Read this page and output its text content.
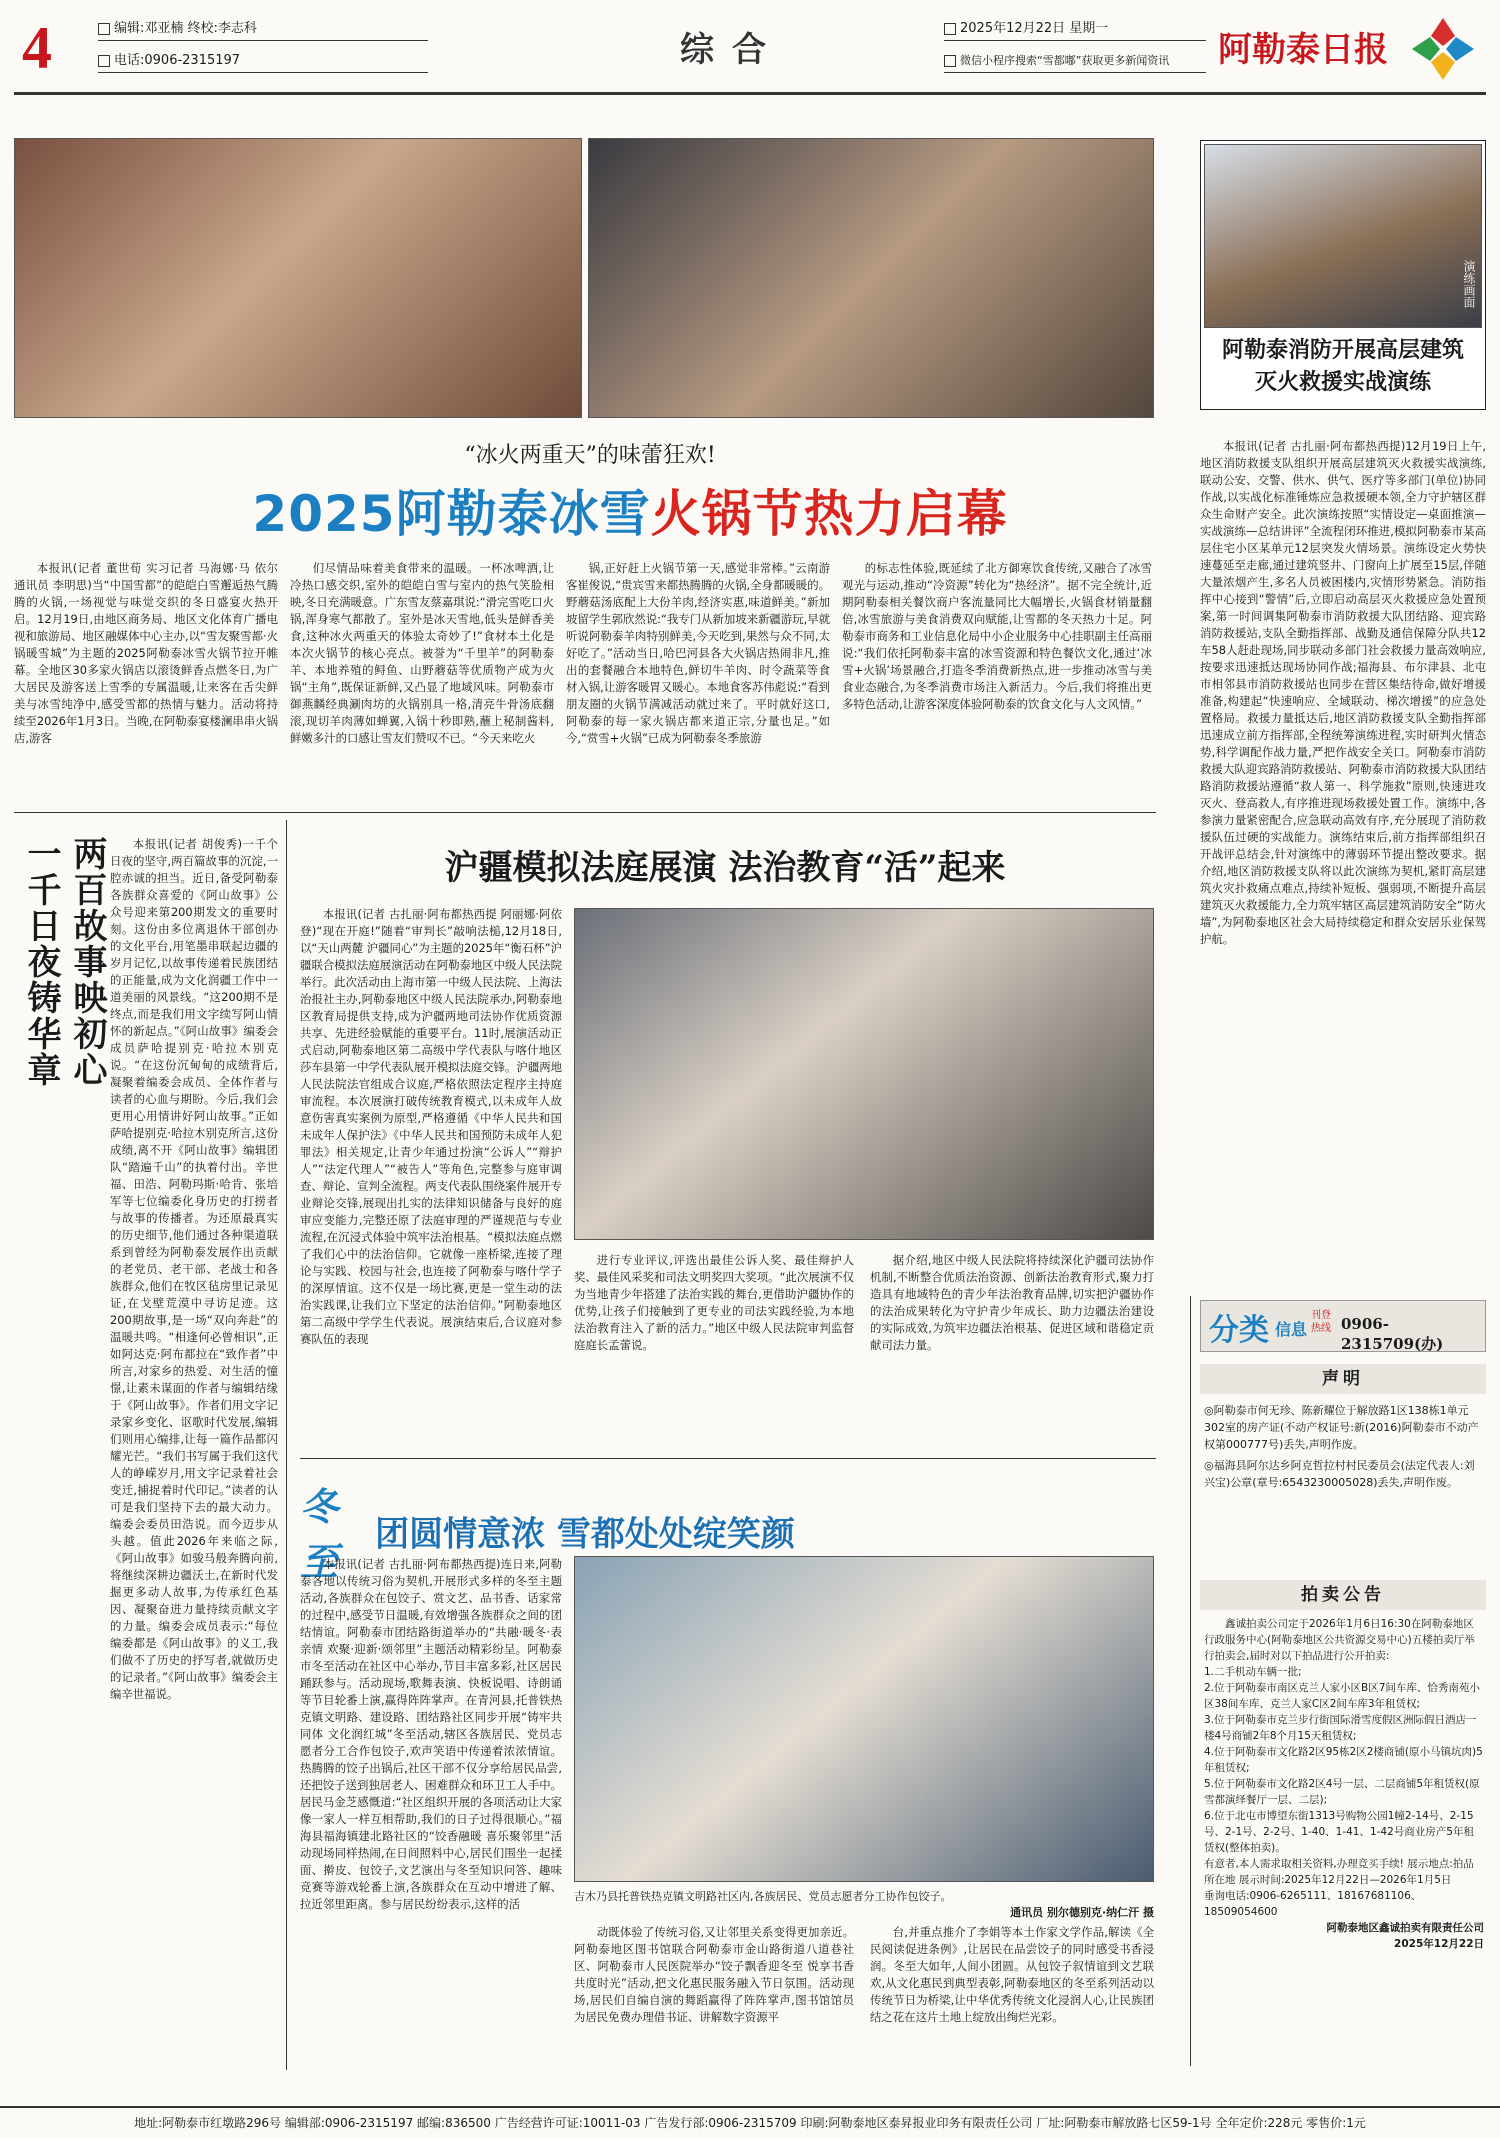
4	编辑:邓亚楠 终校:李志科
电话:0906-2315197	综合
2025年12月22日 星期一
微信小程序搜索“雪都嘟”获取更多新闻资讯	阿勒泰日报
“冰火两重天”的味蕾狂欢!
2025阿勒泰冰雪火锅节热力启幕

本报讯(记者 董世荀 实习记者 马海娜·马 依尔 通讯员 李明思)当“中国雪都”的皑皑白雪邂逅热气腾腾的火锅,一场视觉与味觉交织的冬日盛宴火热开启。12月19日,由地区商务局、地区文化体育广播电视和旅游局、地区融媒体中心主办,以“雪友聚雪都·火锅暖雪城”为主题的2025阿勒泰冰雪火锅节拉开帷幕。全地区30多家火锅店以滚烫鲜香点燃冬日,为广大居民及游客送上雪季的专属温暖,让来客在舌尖鲜美与冰雪纯净中,感受雪都的热情与魅力。活动将持续至2026年1月3日。当晚,在阿勒泰宴楼澜串串火锅店,游客

们尽情品味着美食带来的温暖。一杯冰啤酒,让冷热口感交织,室外的皑皑白雪与室内的热气笑脸相映,冬日充满暖意。广东雪友蔡嘉琪说:“滑完雪吃口火锅,浑身寒气都散了。室外是冰天雪地,低头是鲜香美食,这种冰火两重天的体验太奇妙了!”食材本土化是本次火锅节的核心亮点。被誉为“千里羊”的阿勒泰羊、本地养殖的鲟鱼、山野蘑菇等优质物产成为火锅“主角”,既保证新鲜,又凸显了地域风味。阿勒泰市御燕麟经典涮肉坊的火锅别具一格,清亮牛骨汤底翻滚,现切羊肉薄如蝉翼,入锅十秒即熟,蘸上秘制酱料,鲜嫩多汁的口感让雪友们赞叹不已。“今天来吃火

锅,正好赶上火锅节第一天,感觉非常棒。”云南游客崔俊说,“贵宾雪来都热腾腾的火锅,全身都暖暖的。野蘑菇汤底配上大份羊肉,经济实惠,味道鲜美。”新加坡留学生郭欣然说:“我专门从新加坡来新疆游玩,早就听说阿勒泰羊肉特别鲜美,今天吃到,果然与众不同,太好吃了。”活动当日,哈巴河县各大火锅店热闹非凡,推出的套餐融合本地特色,鲜切牛羊肉、时令蔬菜等食材入锅,让游客暖胃又暖心。本地食客苏伟彪说:“看到朋友圈的火锅节满减活动就过来了。平时就好这口,阿勒泰的每一家火锅店都来道正宗,分量也足。”如今,“赏雪+火锅”已成为阿勒泰冬季旅游

的标志性体验,既延续了北方御寒饮食传统,又融合了冰雪观光与运动,推动“冷资源”转化为“热经济”。据不完全统计,近期阿勒泰相关餐饮商户客流量同比大幅增长,火锅食材销量翻倍,冰雪旅游与美食消费双向赋能,让雪都的冬天热力十足。阿勒泰市商务和工业信息化局中小企业服务中心挂职副主任高丽说:“我们依托阿勒泰丰富的冰雪资源和特色餐饮文化,通过‘冰雪+火锅’场景融合,打造冬季消费新热点,进一步推动冰雪与美食业态融合,为冬季消费市场注入新活力。今后,我们将推出更多特色活动,让游客深度体验阿勒泰的饮食文化与人文风情。”

演练画面
阿勒泰消防开展高层建筑
灭火救援实战演练

本报讯(记者 古扎丽·阿布都热西提)12月19日上午,地区消防救援支队组织开展高层建筑灭火救援实战演练,联动公安、交警、供水、供气、医疗等多部门(单位)协同作战,以实战化标准锤炼应急救援硬本领,全力守护辖区群众生命财产安全。此次演练按照“实情设定—桌面推演—实战演练—总结讲评”全流程闭环推进,模拟阿勒泰市某高层住宅小区某单元12层突发火情场景。演练设定火势快速蔓延至走廊,通过建筑竖井、门窗向上扩展至15层,伴随大量浓烟产生,多名人员被困楼内,灾情形势紧急。消防指挥中心接到“警情”后,立即启动高层灭火救援应急处置预案,第一时间调集阿勒泰市消防救援大队团结路、迎宾路消防救援站,支队全勤指挥部、战勤及通信保障分队共12车58人赶赴现场,同步联动多部门社会救援力量高效响应,按要求迅速抵达现场协同作战;福海县、布尔津县、北屯市相邻县市消防救援站也同步在营区集结待命,做好增援准备,构建起“快速响应、全域联动、梯次增援”的应急处置格局。救援力量抵达后,地区消防救援支队全勤指挥部迅速成立前方指挥部,全程统筹演练进程,实时研判火情态势,科学调配作战力量,严把作战安全关口。阿勒泰市消防救援大队迎宾路消防救援站、阿勒泰市消防救援大队团结路消防救援站遵循“救人第一、科学施救”原则,快速进攻灭火、登高救人,有序推进现场救援处置工作。演练中,各参演力量紧密配合,应急联动高效有序,充分展现了消防救援队伍过硬的实战能力。演练结束后,前方指挥部组织召开战评总结会,针对演练中的薄弱环节提出整改要求。据介绍,地区消防救援支队将以此次演练为契机,紧盯高层建筑火灾扑救痛点难点,持续补短板、强弱项,不断提升高层建筑灭火救援能力,全力筑牢辖区高层建筑消防安全“防火墙”,为阿勒泰地区社会大局持续稳定和群众安居乐业保驾护航。

一千日夜铸华章 两百故事映初心	本报讯(记者 胡俊秀)一千个日夜的坚守,两百篇故事的沉淀,一腔赤诚的担当。近日,备受阿勒泰各族群众喜爱的《阿山故事》公众号迎来第200期发文的重要时刻。这份由多位离退休干部创办的文化平台,用笔墨串联起边疆的岁月记忆,以故事传递着民族团结的正能量,成为文化润疆工作中一道美丽的风景线。“这200期不是终点,而是我们用文字续写阿山情怀的新起点。”《阿山故事》编委会成员萨哈提别克·哈拉木别克说。“在这份沉甸甸的成绩背后,凝聚着编委会成员、全体作者与读者的心血与期盼。今后,我们会更用心用情讲好阿山故事。”正如萨哈提别克·哈拉木别克所言,这份成绩,离不开《阿山故事》编辑团队“踏遍千山”的执着付出。辛世福、田浩、阿勒玛斯·哈肯、张培军等七位编委化身历史的打捞者与故事的传播者。为还原最真实的历史细节,他们通过各种渠道联系到曾经为阿勒泰发展作出贡献的老党员、老干部、老战士和各族群众,他们在牧区毡房里记录见证,在戈壁荒漠中寻访足迹。这200期故事,是一场“双向奔赴”的温暖共鸣。“相逢何必曾相识”,正如阿达克·阿布都拉在“致作者”中所言,对家乡的热爱、对生活的憧憬,让素未谋面的作者与编辑结缘于《阿山故事》。作者们用文字记录家乡变化、讴歌时代发展,编辑们则用心编排,让每一篇作品都闪耀光芒。“我们书写属于我们这代人的峥嵘岁月,用文字记录着社会变迁,捕捉着时代印记。”读者的认可是我们坚持下去的最大动力。编委会委员田浩说。而今迈步从头越。值此2026年来临之际,《阿山故事》如骏马般奔腾向前,将继续深耕边疆沃土,在新时代发掘更多动人故事,为传承红色基因、凝聚奋进力量持续贡献文字的力量。编委会成员表示:“每位编委都是《阿山故事》的义工,我们做不了历史的抒写者,就做历史的记录者。”《阿山故事》编委会主编辛世福说。

沪疆模拟法庭展演 法治教育“活”起来

本报讯(记者 古扎丽·阿布都热西提 阿丽娜·阿依登)“现在开庭!”随着“审判长”敲响法槌,12月18日,以“天山两麓 沪疆同心”为主题的2025年“衡石杯”沪疆联合模拟法庭展演活动在阿勒泰地区中级人民法院举行。此次活动由上海市第一中级人民法院、上海法治报社主办,阿勒泰地区中级人民法院承办,阿勒泰地区教育局提供支持,成为沪疆两地司法协作优质资源共享、先进经验赋能的重要平台。11时,展演活动正式启动,阿勒泰地区第二高级中学代表队与喀什地区莎车县第一中学代表队展开模拟法庭交锋。沪疆两地人民法院法官组成合议庭,严格依照法定程序主持庭审流程。本次展演打破传统教育模式,以未成年人故意伤害真实案例为原型,严格遵循《中华人民共和国未成年人保护法》《中华人民共和国预防未成年人犯罪法》相关规定,让青少年通过扮演“公诉人”“辩护人”“法定代理人”“被告人”等角色,完整参与庭审调查、辩论、宣判全流程。两支代表队围绕案件展开专业辩论交锋,展现出扎实的法律知识储备与良好的庭审应变能力,完整还原了法庭审理的严谨规范与专业流程,在沉浸式体验中筑牢法治根基。“模拟法庭点燃了我们心中的法治信仰。它就像一座桥梁,连接了理论与实践、校园与社会,也连接了阿勒泰与喀什学子的深厚情谊。这不仅是一场比赛,更是一堂生动的法治实践课,让我们立下坚定的法治信仰。”阿勒泰地区第二高级中学学生代表说。展演结束后,合议庭对参赛队伍的表现

进行专业评议,评选出最佳公诉人奖、最佳辩护人奖、最佳风采奖和司法文明奖四大奖项。“此次展演不仅为当地青少年搭建了法治实践的舞台,更借助沪疆协作的优势,让孩子们接触到了更专业的司法实践经验,为本地法治教育注入了新的活力。”地区中级人民法院审判监督庭庭长孟蕾说。

据介绍,地区中级人民法院将持续深化沪疆司法协作机制,不断整合优质法治资源、创新法治教育形式,聚力打造具有地域特色的青少年法治教育品牌,切实把沪疆协作的法治成果转化为守护青少年成长、助力边疆法治建设的实际成效,为筑牢边疆法治根基、促进区域和谐稳定贡献司法力量。

冬至 团圆情意浓 雪都处处绽笑颜

本报讯(记者 古扎丽·阿布都热西提)连日来,阿勒泰各地以传统习俗为契机,开展形式多样的冬至主题活动,各族群众在包饺子、赏文艺、品书香、话家常的过程中,感受节日温暖,有效增强各族群众之间的团结情谊。阿勒泰市团结路街道举办的“共融·暖冬·表亲情 欢聚·迎新·颂邻里”主题活动精彩纷呈。阿勒泰市冬至活动在社区中心举办,节目丰富多彩,社区居民踊跃参与。活动现场,歌舞表演、快板说唱、诗朗诵等节目轮番上演,赢得阵阵掌声。在青河县,托普铁热克镇文明路、建设路、团结路社区同步开展“铸牢共同体 文化润红城”冬至活动,辖区各族居民、党员志愿者分工合作包饺子,欢声笑语中传递着浓浓情谊。热腾腾的饺子出锅后,社区干部不仅分享给居民品尝,还把饺子送到独居老人、困难群众和环卫工人手中。居民马金芝感慨道:“社区组织开展的各项活动让大家像一家人一样互相帮助,我们的日子过得很顺心。”福海县福海镇建北路社区的“饺香融暖 喜乐聚邻里”活动现场同样热闹,在日间照料中心,居民们围坐一起揉面、擀皮、包饺子,文艺演出与冬至知识问答、趣味竞赛等游戏轮番上演,各族群众在互动中增进了解、拉近邻里距离。参与居民纷纷表示,这样的活

吉木乃县托普铁热克镇文明路社区内,各族居民、党员志愿者分工协作包饺子。
通讯员 别尔德别克·纳仁汗 摄

动既体验了传统习俗,又让邻里关系变得更加亲近。阿勒泰地区图书馆联合阿勒泰市金山路街道八道巷社区、阿勒泰市人民医院举办“饺子飘香迎冬至 悦享书香共度时光”活动,把文化惠民服务融入节日氛围。活动现场,居民们自编自演的舞蹈赢得了阵阵掌声,图书馆馆员为居民免费办理借书证、讲解数字资源平

台,并重点推介了李娟等本土作家文学作品,解读《全民阅读促进条例》,让居民在品尝饺子的同时感受书香浸润。冬至大如年,人间小团圆。从包饺子叙情谊到文艺联欢,从文化惠民到典型表彰,阿勒泰地区的冬至系列活动以传统节日为桥梁,让中华优秀传统文化浸润人心,让民族团结之花在这片土地上绽放出绚烂光彩。

分类 信息
刊登热线 0906-2315709(办)
声明
◎阿勒泰市何无珍、陈新耀位于解放路1区138栋1单元302室的房产证(不动产权证号:新(2016)阿勒泰市不动产权第000777号)丢失,声明作废。
◎福海县阿尔达乡阿克哲拉村村民委员会(法定代表人:刘兴宝)公章(章号:6543230005028)丢失,声明作废。
拍卖公告
鑫诚拍卖公司定于2026年1月6日16:30在阿勒泰地区行政服务中心(阿勒泰地区公共资源交易中心)五楼拍卖厅举行拍卖会,届时对以下拍品进行公开拍卖:
1.二手机动车辆一批;
2.位于阿勒泰市南区克兰人家小区B区7间车库、恰秀南苑小区38间车库、克兰人家C区2间车库3年租赁权;
3.位于阿勒泰市克兰步行街国际滑雪度假区洲际假日酒店一楼4号商铺2年8个月15天租赁权;
4.位于阿勒泰市文化路2区95栋2区2楼商铺(原小马镇坑肉)5年租赁权;
5.位于阿勒泰市文化路2区4号一层、二层商铺5年租赁权(原雪都演绎餐厅一层、二层);
6.位于北屯市博望东街1313号购物公园1幢2-14号、2-15号、2-1号、2-2号、1-40、1-41、1-42号商业房产5年租赁权(整体拍卖)。
有意者,本人需求取相关资料,办理竞买手续! 展示地点:拍品所在地 展示时间:2025年12月22日—2026年1月5日
垂询电话:0906-6265111、18167681106、18509054600
阿勒泰地区鑫诚拍卖有限责任公司
2025年12月22日
地址:阿勒泰市红墩路296号 编辑部:0906-2315197 邮编:836500 广告经营许可证:10011-03 广告发行部:0906-2315709 印刷:阿勒泰地区泰昇报业印务有限责任公司 厂址:阿勒泰市解放路七区59-1号 全年定价:228元 零售价:1元
